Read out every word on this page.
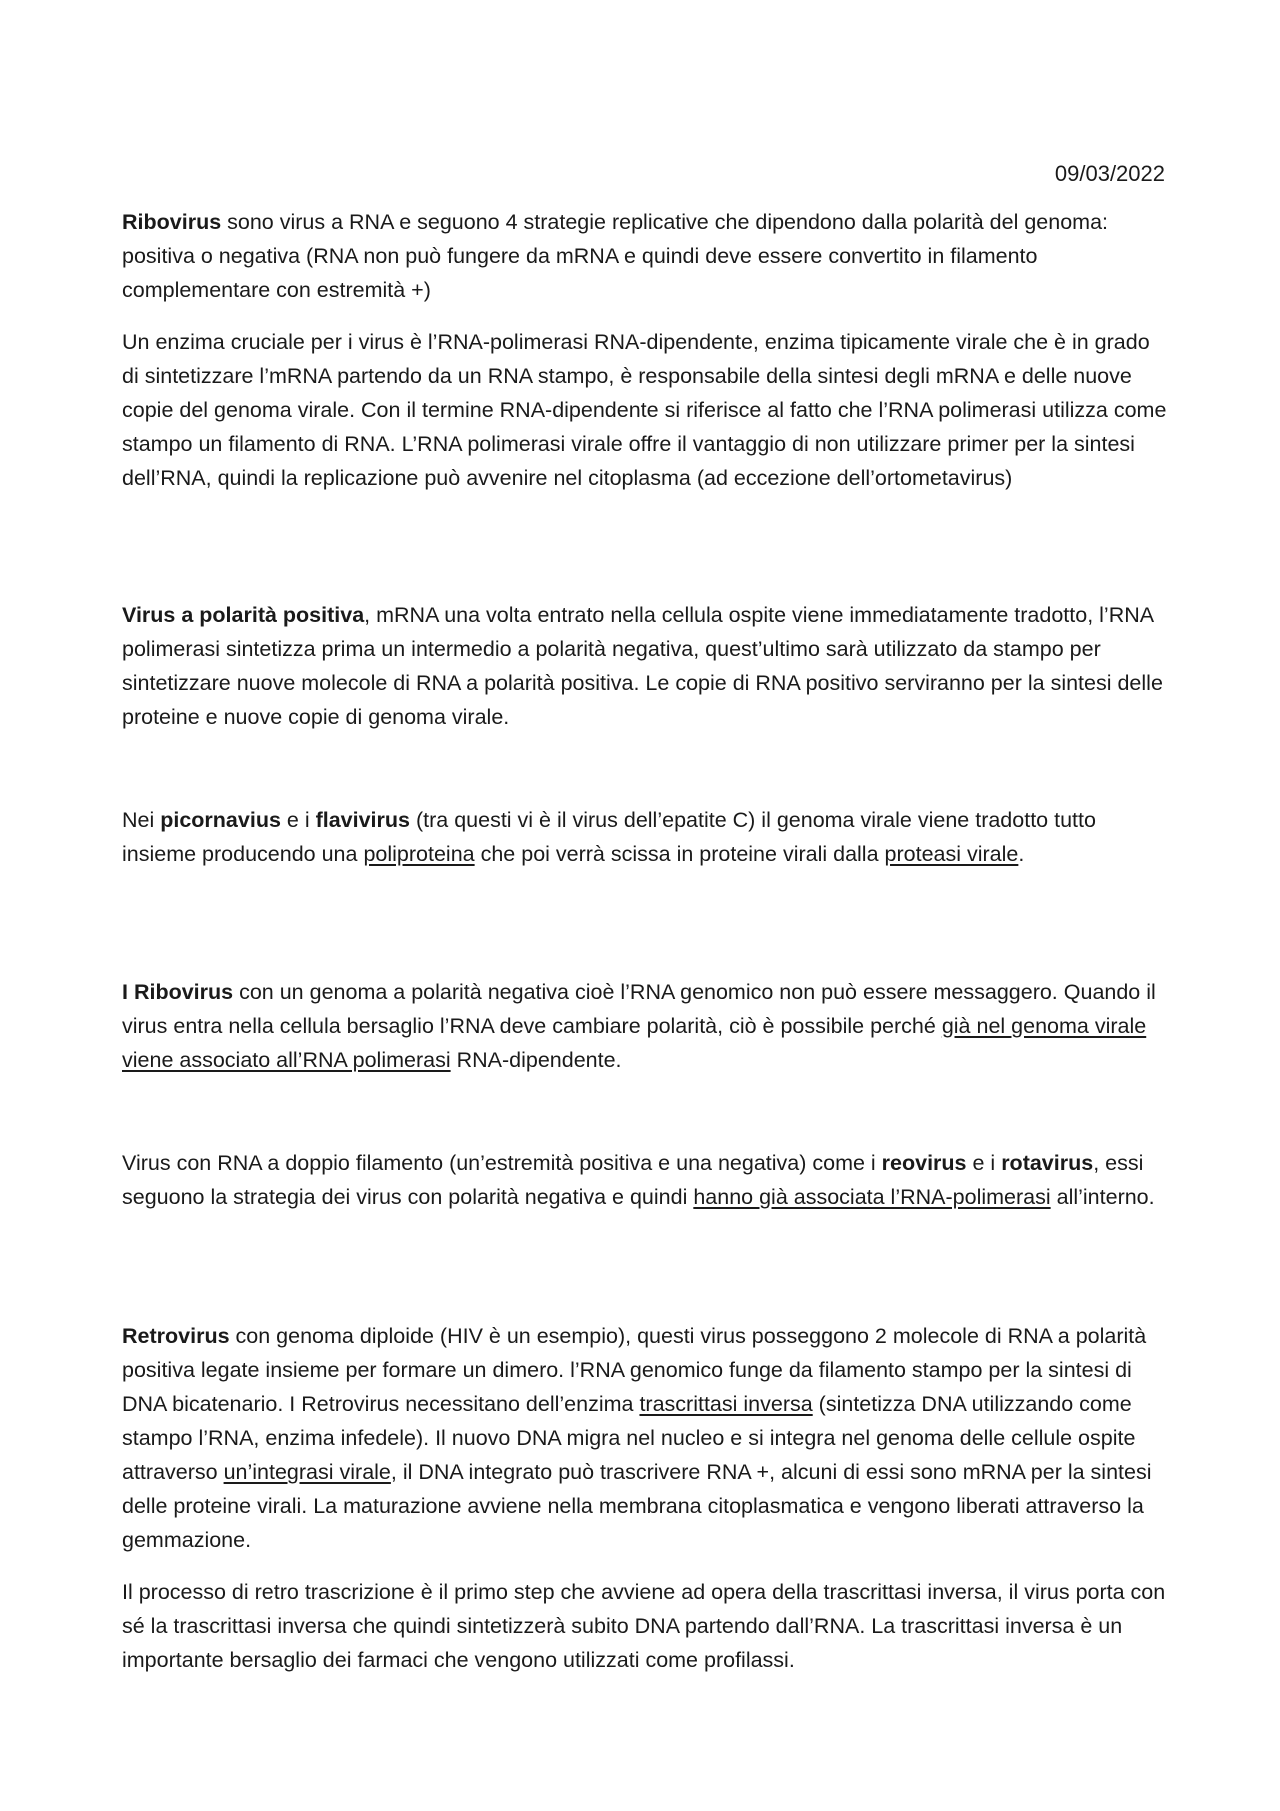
09/03/2022

Ribovirus sono virus a RNA e seguono 4 strategie replicative che dipendono dalla polarità del genoma: positiva o negativa (RNA non può fungere da mRNA e quindi deve essere convertito in filamento complementare con estremità +)

Un enzima cruciale per i virus è l’RNA-polimerasi RNA-dipendente, enzima tipicamente virale che è in grado di sintetizzare l’mRNA partendo da un RNA stampo, è responsabile della sintesi degli mRNA e delle nuove copie del genoma virale. Con il termine RNA-dipendente si riferisce al fatto che l’RNA polimerasi utilizza come stampo un filamento di RNA. L’RNA polimerasi virale offre il vantaggio di non utilizzare primer per la sintesi dell’RNA, quindi la replicazione può avvenire nel citoplasma (ad eccezione dell’ortometavirus)

Virus a polarità positiva, mRNA una volta entrato nella cellula ospite viene immediatamente tradotto, l’RNA polimerasi sintetizza prima un intermedio a polarità negativa, quest’ultimo sarà utilizzato da stampo per sintetizzare nuove molecole di RNA a polarità positiva. Le copie di RNA positivo serviranno per la sintesi delle proteine e nuove copie di genoma virale.

Nei picornavius e i flavivirus (tra questi vi è il virus dell’epatite C) il genoma virale viene tradotto tutto insieme producendo una poliproteina che poi verrà scissa in proteine virali dalla proteasi virale.

I Ribovirus con un genoma a polarità negativa cioè l’RNA genomico non può essere messaggero. Quando il virus entra nella cellula bersaglio l’RNA deve cambiare polarità, ciò è possibile perché già nel genoma virale viene associato all’RNA polimerasi RNA-dipendente.

Virus con RNA a doppio filamento (un’estremità positiva e una negativa) come i reovirus e i rotavirus, essi seguono la strategia dei virus con polarità negativa e quindi hanno già associata l’RNA-polimerasi all’interno.

Retrovirus con genoma diploide (HIV è un esempio), questi virus posseggono 2 molecole di RNA a polarità positiva legate insieme per formare un dimero. l’RNA genomico funge da filamento stampo per la sintesi di DNA bicatenario. I Retrovirus necessitano dell’enzima trascrittasi inversa (sintetizza DNA utilizzando come stampo l’RNA, enzima infedele). Il nuovo DNA migra nel nucleo e si integra nel genoma delle cellule ospite attraverso un’integrasi virale, il DNA integrato può trascrivere RNA +, alcuni di essi sono mRNA per la sintesi delle proteine virali. La maturazione avviene nella membrana citoplasmatica e vengono liberati attraverso la gemmazione.

Il processo di retro trascrizione è il primo step che avviene ad opera della trascrittasi inversa, il virus porta con sé la trascrittasi inversa che quindi sintetizzerà subito DNA partendo dall’RNA. La trascrittasi inversa è un importante bersaglio dei farmaci che vengono utilizzati come profilassi.
